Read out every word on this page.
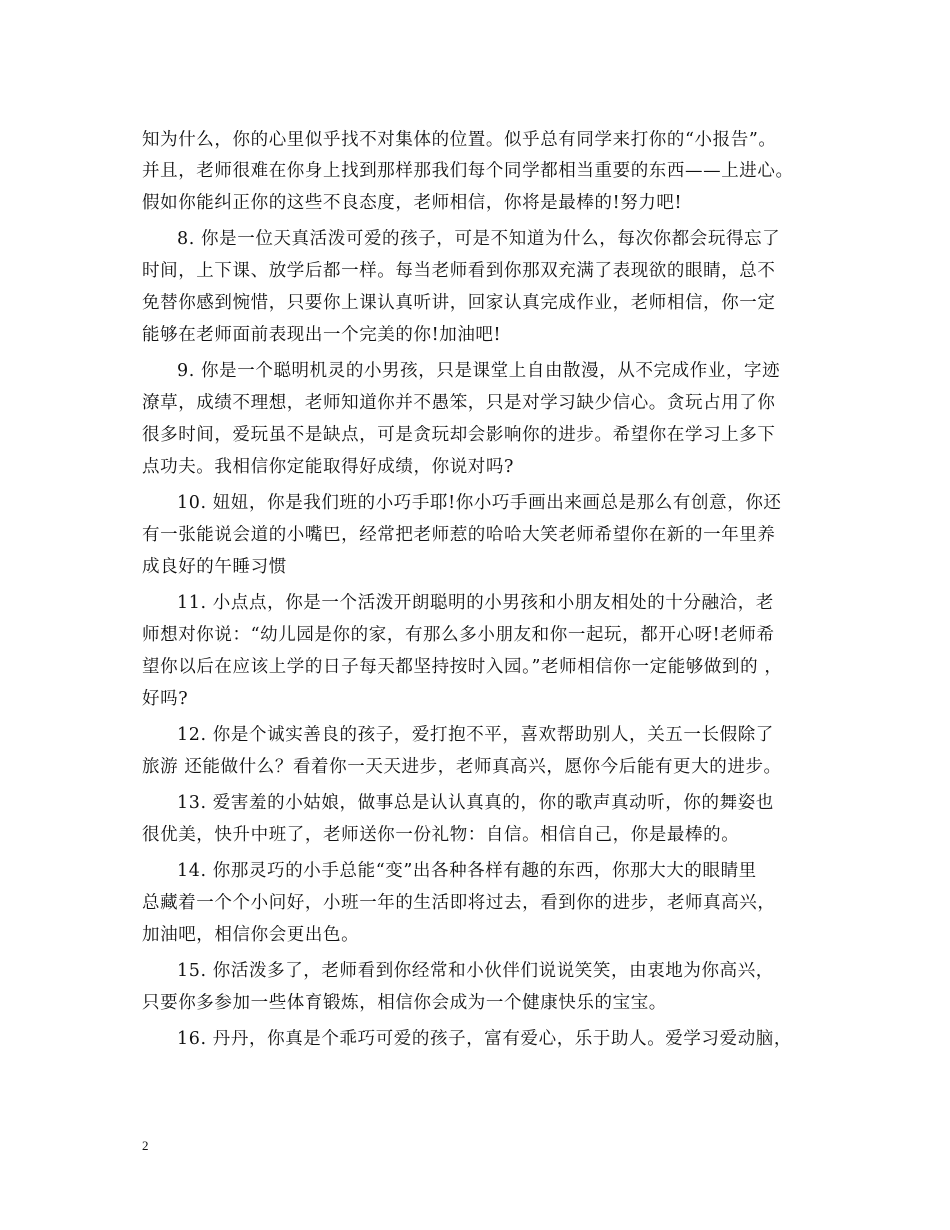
知为什么，你的心里似乎找不对集体的位置。似乎总有同学来打你的“小报告”。
并且，老师很难在你身上找到那样那我们每个同学都相当重要的东西——上进心。
假如你能纠正你的这些不良态度，老师相信，你将是最棒的!努力吧!
8. 你是一位天真活泼可爱的孩子，可是不知道为什么，每次你都会玩得忘了
时间，上下课、放学后都一样。每当老师看到你那双充满了表现欲的眼睛，总不
免替你感到惋惜，只要你上课认真听讲，回家认真完成作业，老师相信，你一定
能够在老师面前表现出一个完美的你!加油吧!
9. 你是一个聪明机灵的小男孩，只是课堂上自由散漫，从不完成作业，字迹
潦草，成绩不理想，老师知道你并不愚笨，只是对学习缺少信心。贪玩占用了你
很多时间，爱玩虽不是缺点，可是贪玩却会影响你的进步。希望你在学习上多下
点功夫。我相信你定能取得好成绩，你说对吗?
10. 妞妞，你是我们班的小巧手耶!你小巧手画出来画总是那么有创意，你还
有一张能说会道的小嘴巴，经常把老师惹的哈哈大笑老师希望你在新的一年里养
成良好的午睡习惯
11. 小点点，你是一个活泼开朗聪明的小男孩和小朋友相处的十分融洽，老
师想对你说：“幼儿园是你的家，有那么多小朋友和你一起玩，都开心呀!老师希
望你以后在应该上学的日子每天都坚持按时入园。”老师相信你一定能够做到的 ，
好吗?
12. 你是个诚实善良的孩子，爱打抱不平，喜欢帮助别人，关五一长假除了
旅游 还能做什么？看着你一天天进步，老师真高兴，愿你今后能有更大的进步。
13. 爱害羞的小姑娘，做事总是认认真真的，你的歌声真动听，你的舞姿也
很优美，快升中班了，老师送你一份礼物：自信。相信自己，你是最棒的。
14. 你那灵巧的小手总能“变”出各种各样有趣的东西，你那大大的眼睛里
总藏着一个个小问好，小班一年的生活即将过去，看到你的进步，老师真高兴，
加油吧，相信你会更出色。
15. 你活泼多了，老师看到你经常和小伙伴们说说笑笑，由衷地为你高兴，
只要你多参加一些体育锻炼，相信你会成为一个健康快乐的宝宝。
16. 丹丹，你真是个乖巧可爱的孩子，富有爱心，乐于助人。爱学习爱动脑，
2
